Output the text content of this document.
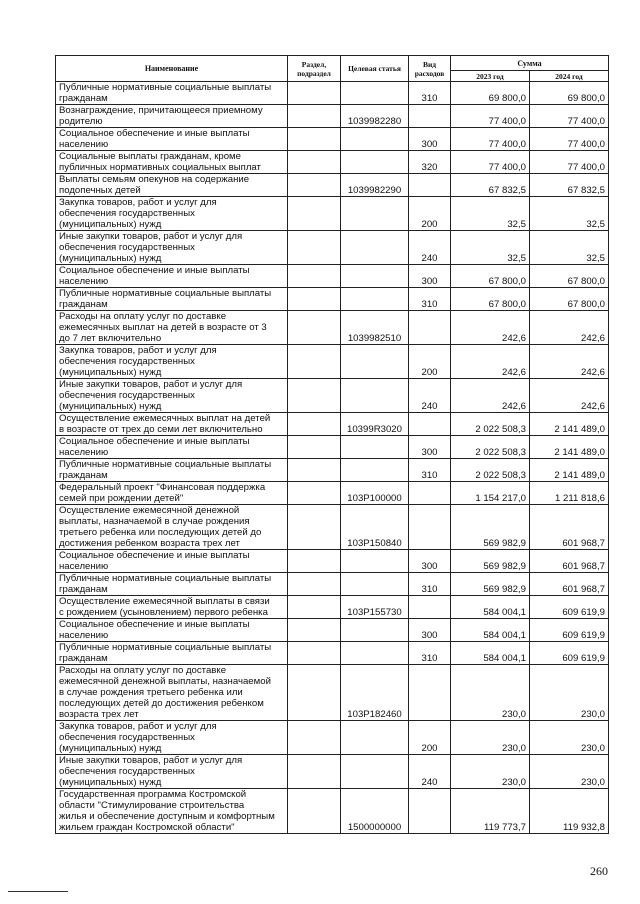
Наименование	Раздел, подраздел	Целевая статья	Вид расходов	Сумма	
				2023 год	2024 год
Публичные нормативные социальные выплаты
гражданам			310	69 800,0	69 800,0
Вознаграждение, причитающееся приемному
родителю		1039982280		77 400,0	77 400,0
Социальное обеспечение и иные выплаты
населению			300	77 400,0	77 400,0
Социальные выплаты гражданам, кроме
публичных нормативных социальных выплат			320	77 400,0	77 400,0
Выплаты семьям опекунов на содержание
подопечных детей		1039982290		67 832,5	67 832,5
Закупка товаров, работ и услуг для
обеспечения государственных
(муниципальных) нужд			200	32,5	32,5
Иные закупки товаров, работ и услуг для
обеспечения государственных
(муниципальных) нужд			240	32,5	32,5
Социальное обеспечение и иные выплаты
населению			300	67 800,0	67 800,0
Публичные нормативные социальные выплаты
гражданам			310	67 800,0	67 800,0
Расходы на оплату услуг по доставке
ежемесячных выплат на детей в возрасте от 3
до 7 лет включительно		1039982510		242,6	242,6
Закупка товаров, работ и услуг для
обеспечения государственных
(муниципальных) нужд			200	242,6	242,6
Иные закупки товаров, работ и услуг для
обеспечения государственных
(муниципальных) нужд			240	242,6	242,6
Осуществление ежемесячных выплат на детей
в возрасте от трех до семи лет включительно		10399R3020		2 022 508,3	2 141 489,0
Социальное обеспечение и иные выплаты
населению			300	2 022 508,3	2 141 489,0
Публичные нормативные социальные выплаты
гражданам			310	2 022 508,3	2 141 489,0
Федеральный проект "Финансовая поддержка
семей при рождении детей"		103P100000		1 154 217,0	1 211 818,6
Осуществление ежемесячной денежной
выплаты, назначаемой в случае рождения
третьего ребенка или последующих детей до
достижения ребенком возраста трех лет		103P150840		569 982,9	601 968,7
Социальное обеспечение и иные выплаты
населению			300	569 982,9	601 968,7
Публичные нормативные социальные выплаты
гражданам			310	569 982,9	601 968,7
Осуществление ежемесячной выплаты в связи
с рождением (усыновлением) первого ребенка		103P155730		584 004,1	609 619,9
Социальное обеспечение и иные выплаты
населению			300	584 004,1	609 619,9
Публичные нормативные социальные выплаты
гражданам			310	584 004,1	609 619,9
Расходы на оплату услуг по доставке
ежемесячной денежной выплаты, назначаемой
в случае рождения третьего ребенка или
последующих детей до достижения ребенком
возраста трех лет		103P182460		230,0	230,0
Закупка товаров, работ и услуг для
обеспечения государственных
(муниципальных) нужд			200	230,0	230,0
Иные закупки товаров, работ и услуг для
обеспечения государственных
(муниципальных) нужд			240	230,0	230,0
Государственная программа Костромской
области "Стимулирование строительства
жилья и обеспечение доступным и комфортным
жильем граждан Костромской области"		1500000000		119 773,7	119 932,8
260
